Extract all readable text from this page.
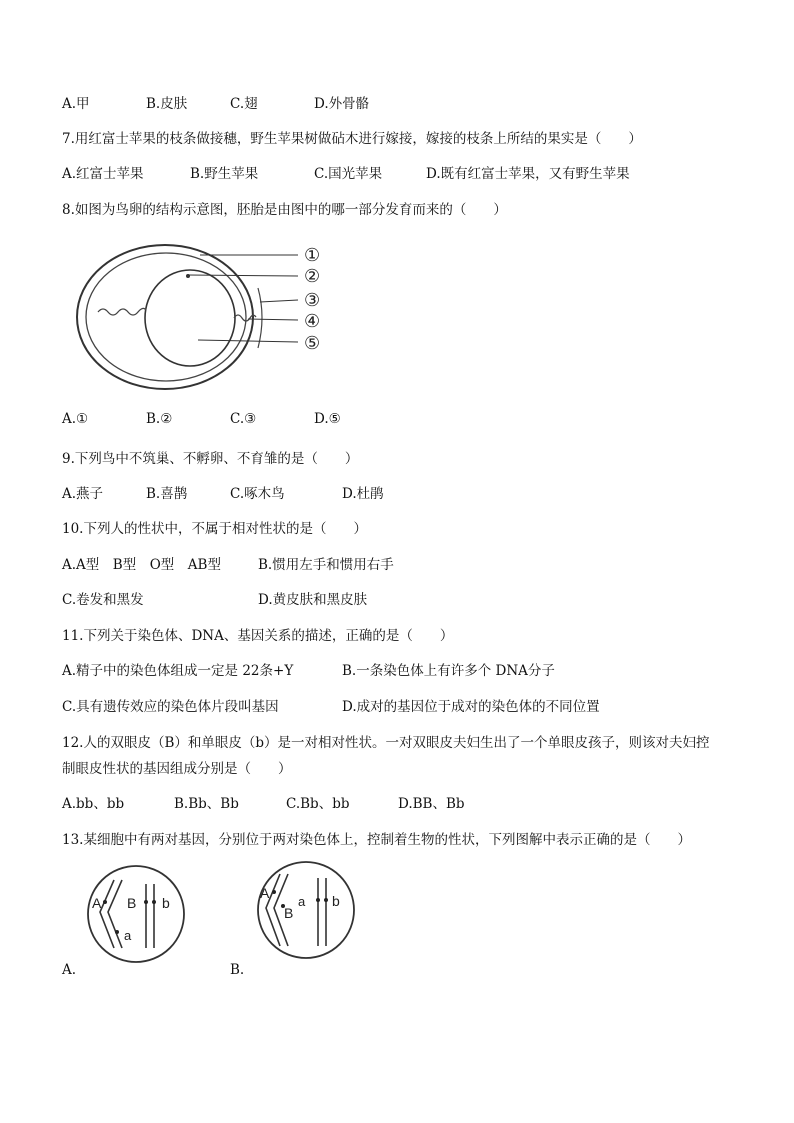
A.甲	B.皮肤	C.翅	D.外骨骼
7.用红富士苹果的枝条做接穗，野生苹果树做砧木进行嫁接，嫁接的枝条上所结的果实是（　　）
A.红富士苹果	B.野生苹果	C.国光苹果	D.既有红富士苹果，又有野生苹果
8.如图为鸟卵的结构示意图，胚胎是由图中的哪一部分发育而来的（　　）
①
②
③
④
⑤
A.①	B.②	C.③	D.⑤
9.下列鸟中不筑巢、不孵卵、不育雏的是（　　）
A.燕子	B.喜鹊	C.啄木鸟	D.杜鹃
10.下列人的性状中，不属于相对性状的是（　　）
A.A型　B型　O型　AB型	B.惯用左手和惯用右手
C.卷发和黑发	D.黄皮肤和黑皮肤
11.下列关于染色体、DNA、基因关系的描述，正确的是（　　）
A.精子中的染色体组成一定是 22条+Y	B.一条染色体上有许多个 DNA分子
C.具有遗传效应的染色体片段叫基因	D.成对的基因位于成对的染色体的不同位置
12.人的双眼皮（B）和单眼皮（b）是一对相对性状。一对双眼皮夫妇生出了一个单眼皮孩子，则该对夫妇控
制眼皮性状的基因组成分别是（　　）
A.bb、bb	B.Bb、Bb	C.Bb、bb	D.BB、Bb
13.某细胞中有两对基因，分别位于两对染色体上，控制着生物的性状，下列图解中表示正确的是（　　）
A B
a
b
A
B
a b
A.	B.
